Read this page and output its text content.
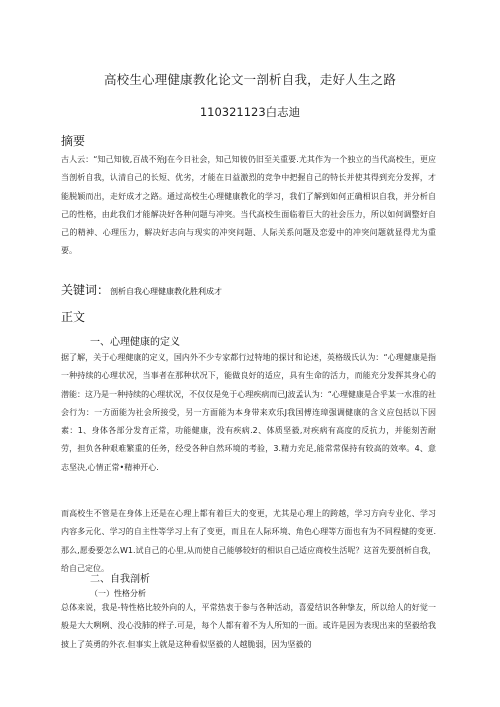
高校生心理健康教化论文一剖析自我，走好人生之路
110321123白志迪
摘要

古人云：“知己知彼,百战不殆J在今日社会，知己知彼仍旧至关重要.尤其作为一个独立的当代高校生，更应当剖析自我，认清自己的长短、优劣，才能在日益激烈的竞争中把握自己的特长并使其得到充分发挥，才能脱颖而出，走好成才之路。通过高校生心理健康教化的学习，我们了解到如何正确相识自我，并分析自己的性格，由此我们才能解决好各种问题与冲突。当代高校生面临着巨大的社会压力，所以如何调整好自己的精神、心理压力，解决好志向与现实的冲突问题、人际关系问题及恋爱中的冲突问题就显得尤为重要。

关键词：剖析自我心理健康教化胜利成才
正文
一、心理健康的定义

据了解，关于心理健康的定义，国内外不少专家都行过特地的探讨和论述，英格级氏认为：“心理健康是指一种持续的心理状况，当事者在那种状况下，能做良好的适应，具有生命的活力，而能充分发挥其身心的潜能：这乃是一种持续的心理状况，不仅仅是免于心理疾病而已J波孟认为：“心理健康是合乎某一水准的社会行为：一方面能为社会所接受，另一方面能为本身带来欢乐J我国傅连璋强调健康的含义应包括以下因素：1、身体各部分发育正常，功能健康，没有疾病.2、体质坚毅,对疾病有高度的反抗力，并能刻苦耐劳，担负各种艰难繁重的任务，经受各种自然环境的考验，3.精力充足,能常常保持有较高的效率。4、意志坚决,心情正常•精神开心.

而高校生不管是在身体上还是在心理上都有着巨大的变更，尤其是心理上的跨越，学习方向专业化、学习内容多元化、学习的自主性等学习上有了变更，而且在人际环境、角色心理等方面也有为不同程健的变更.那么,愿委要怎么W1.试自己的心里,从而使自己能够较好的相识自己适应商校生活呢？这首先要剖析自我，给自己定位。

二、自我剖析
（一）性格分析

总体来说，我是-特性格比较外向的人，平常热衷于参与各种活动，喜爱结识各种挚友，所以给人的好觉一般是大大咧咧、没心没肺的样子.可是，每个人都有着不为人所知的一面。或许是因为表现出来的坚毅给我披上了英勇的外衣.但事实上就是这种看似坚毅的人越脆弱，因为坚毅的
